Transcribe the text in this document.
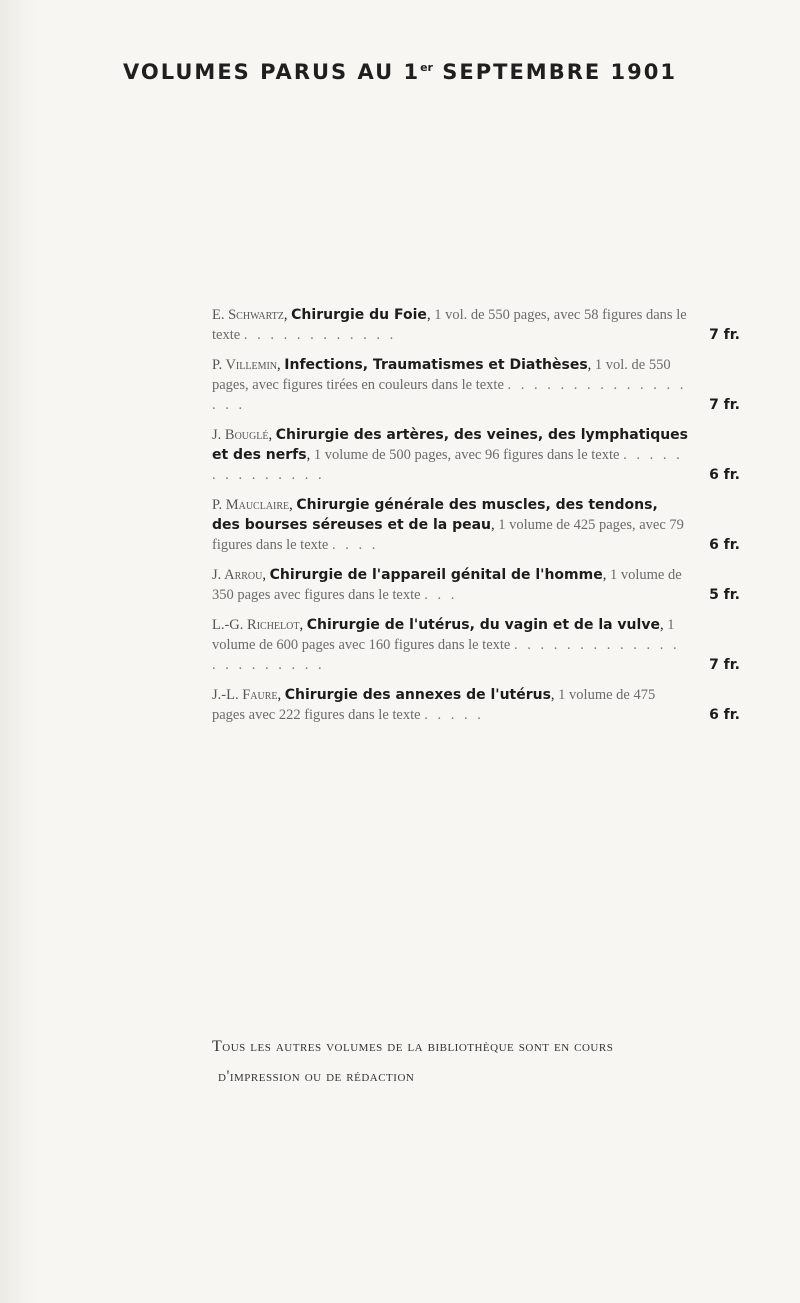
VOLUMES PARUS AU 1er SEPTEMBRE 1901
E. Schwartz, Chirurgie du Foie, 1 vol. de 550 pages, avec 58 figures dans le texte . . . . . . . . . . . .	7 fr.
P. Villemin, Infections, Traumatismes et Diathèses, 1 vol. de 550 pages, avec figures tirées en couleurs dans le texte . . . . . . . . . . . . . . . . .	7 fr.
J. Bouglé, Chirurgie des artères, des veines, des lymphatiques et des nerfs, 1 volume de 500 pages, avec 96 figures dans le texte . . . . . . . . . . . . . .	6 fr.
P. Mauclaire, Chirurgie générale des muscles, des tendons, des bourses séreuses et de la peau, 1 volume de 425 pages, avec 79 figures dans le texte . . . .	6 fr.
J. Arrou, Chirurgie de l'appareil génital de l'homme, 1 volume de 350 pages avec figures dans le texte . . .	5 fr.
L.-G. Richelot, Chirurgie de l'utérus, du vagin et de la vulve, 1 volume de 600 pages avec 160 figures dans le texte . . . . . . . . . . . . . . . . . . . . . .	7 fr.
J.-L. Faure, Chirurgie des annexes de l'utérus, 1 volume de 475 pages avec 222 figures dans le texte . . . . .	6 fr.
Tous les autres volumes de la bibliothèque sont en cours
d'impression ou de rédaction
